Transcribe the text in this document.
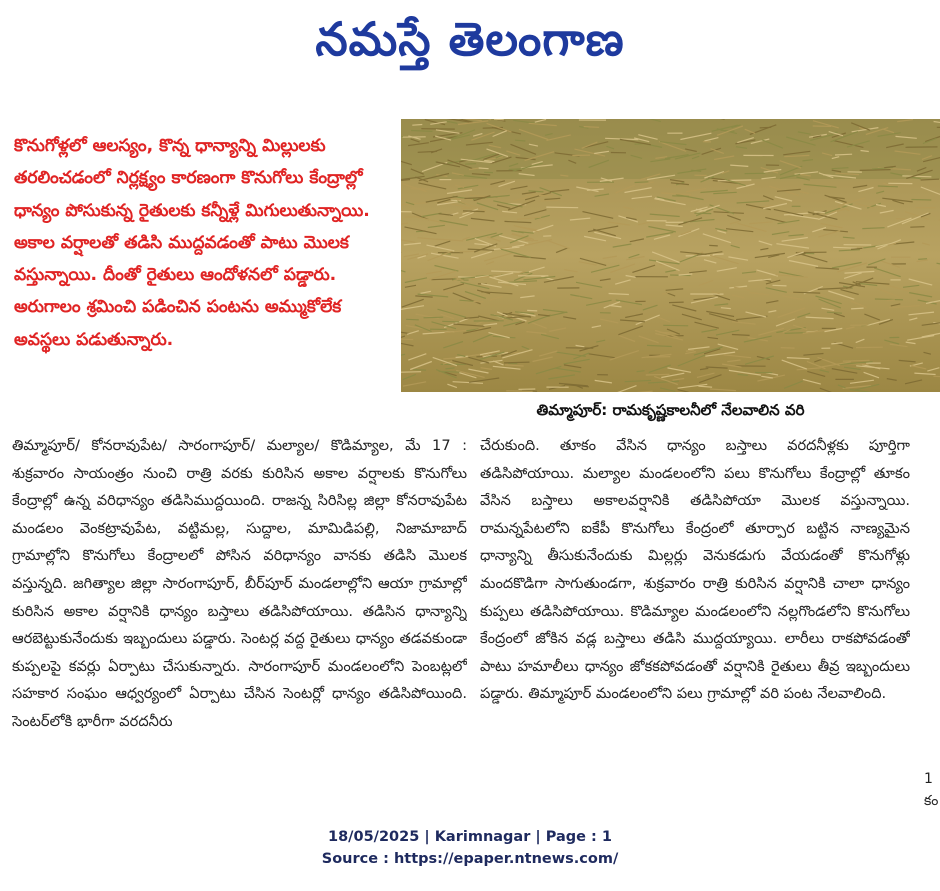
నమస్తే తెలంగాణ

కొనుగోళ్లలో ఆలస్యం, కొన్న ధాన్యాన్ని మిల్లులకు తరలించడంలో నిర్లక్ష్యం కారణంగా కొనుగోలు కేంద్రాల్లో ధాన్యం పోసుకున్న రైతులకు కన్నీళ్లే మిగులుతున్నాయి. అకాల వర్షాలతో తడిసి ముద్దవడంతో పాటు మొలక వస్తున్నాయి. దీంతో రైతులు ఆందోళనలో పడ్డారు. అరుగాలం శ్రమించి పడించిన పంటను అమ్ముకోలేక అవస్థలు పడుతున్నారు.

తిమ్మాపూర్: రామకృష్ణకాలనీలో నేలవాలిన వరి

తిమ్మాపూర్/ కోనరావుపేట/ సారంగాపూర్/ మల్యాల/ కొడిమ్యాల, మే 17 : శుక్రవారం సాయంత్రం నుంచి రాత్రి వరకు కురిసిన అకాల వర్షాలకు కొనుగోలు కేంద్రాల్లో ఉన్న వరిధాన్యం తడిసిముద్దయింది. రాజన్న సిరిసిల్ల జిల్లా కోనరావుపేట మండలం వెంకట్రావుపేట, వట్టిమల్ల, సుద్దాల, మామిడిపల్లి, నిజామాబాద్ గ్రామాల్లోని కొనుగోలు కేంద్రాలలో పోసిన వరిధాన్యం వానకు తడిసి మొలక వస్తున్నది. జగిత్యాల జిల్లా సారంగాపూర్, బీర్‌పూర్ మండలాల్లోని ఆయా గ్రామాల్లో కురిసిన అకాల వర్షానికి ధాన్యం బస్తాలు తడిసిపోయాయి. తడిసిన ధాన్యాన్ని ఆరబెట్టుకునేందుకు ఇబ్బందులు పడ్డారు. సెంటర్ల వద్ద రైతులు ధాన్యం తడవకుండా కుప్పలపై కవర్లు ఏర్పాటు చేసుకున్నారు. సారంగాపూర్ మండలంలోని పెంబట్లలో సహకార సంఘం ఆధ్వర్యంలో ఏర్పాటు చేసిన సెంటర్లో ధాన్యం తడిసిపోయింది. సెంటర్‌లోకి భారీగా వరదనీరు

చేరుకుంది. తూకం వేసిన ధాన్యం బస్తాలు వరదనీళ్లకు పూర్తిగా తడిసిపోయాయి. మల్యాల మండలంలోని పలు కొనుగోలు కేంద్రాల్లో తూకం వేసిన బస్తాలు అకాలవర్షానికి తడిసిపోయా మొలక వస్తున్నాయి. రామన్నపేటలోని ఐకేపీ కొనుగోలు కేంద్రంలో తూర్పార బట్టిన నాణ్యమైన ధాన్యాన్ని తీసుకునేందుకు మిల్లర్లు వెనుకడుగు వేయడంతో కొనుగోళ్లు మందకొడిగా సాగుతుండగా, శుక్రవారం రాత్రి కురిసిన వర్షానికి చాలా ధాన్యం కుప్పలు తడిసిపోయాయి. కొడిమ్యాల మండలంలోని నల్లగొండలోని కొనుగోలు కేంద్రంలో జోకిన వడ్ల బస్తాలు తడిసి ముద్దయ్యాయి. లారీలు రాకపోవడంతో పాటు హమాలీలు ధాన్యం జోకకపోవడంతో వర్షానికి రైతులు తీవ్ర ఇబ్బందులు పడ్డారు. తిమ్మాపూర్ మండలంలోని పలు గ్రామాల్లో వరి పంట నేలవాలింది.

1
కం
18/05/2025 | Karimnagar | Page : 1
Source : https://epaper.ntnews.com/
